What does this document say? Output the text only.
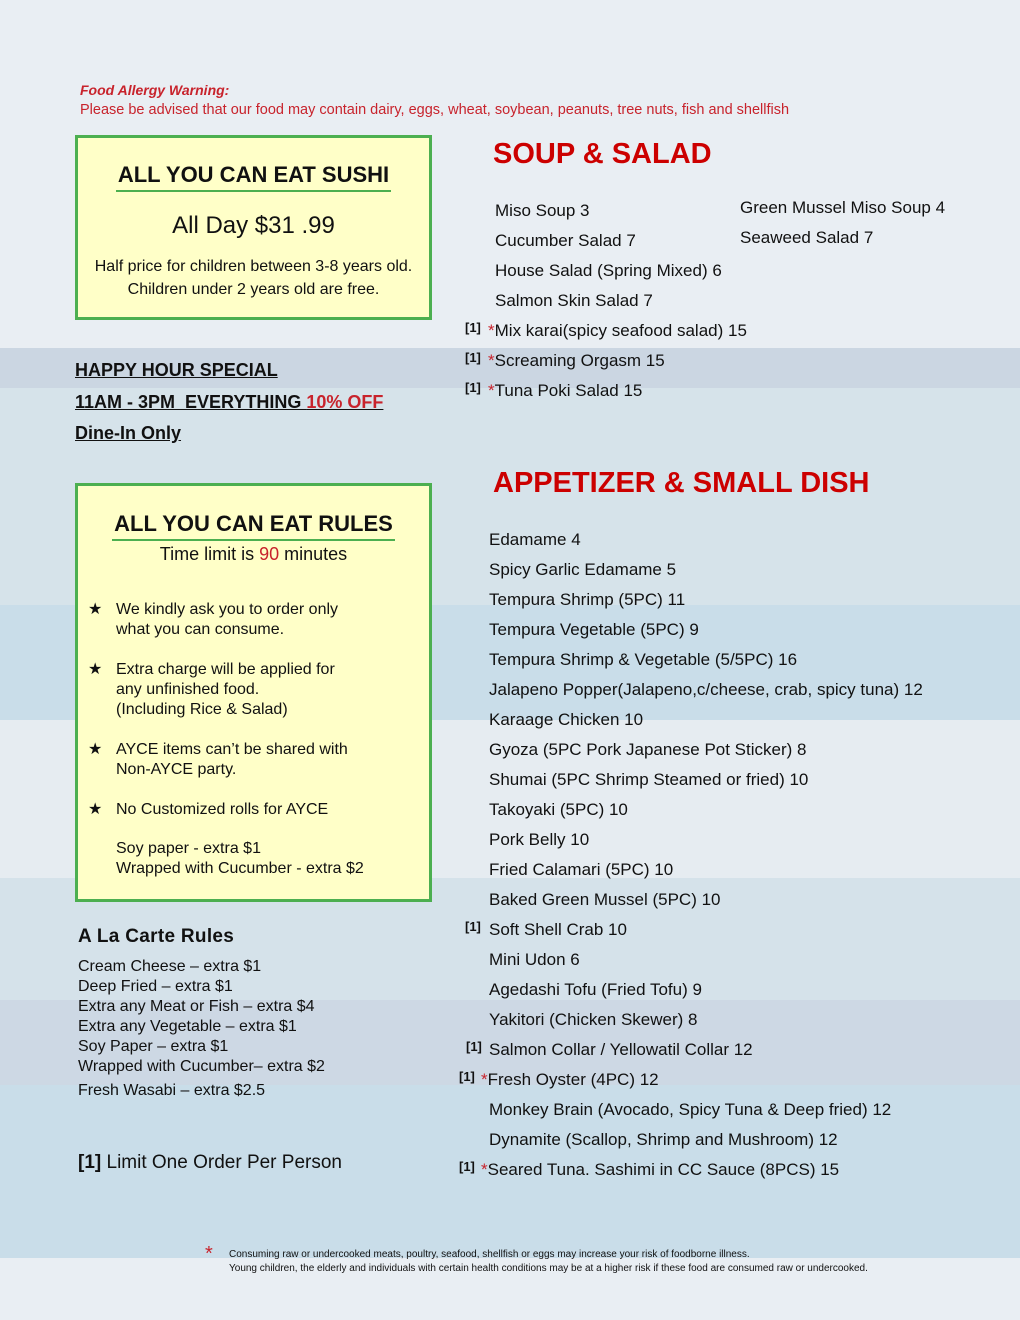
Food Allergy Warning:
Please be advised that our food may contain dairy, eggs, wheat, soybean, peanuts, tree nuts, fish and shellfish
ALL YOU CAN EAT SUSHI
All Day $31 .99
Half price for children between 3-8 years old.
Children under 2 years old are free.
HAPPY HOUR SPECIAL
11AM - 3PM  EVERYTHING 10% OFF
Dine-In Only
ALL YOU CAN EAT RULES
Time limit is 90 minutes
Soy paper - extra $1
Wrapped with Cucumber - extra $2
A La Carte Rules
[1] Limit One Order Per Person
SOUP & SALAD
APPETIZER & SMALL DISH
* Consuming raw or undercooked meats, poultry, seafood, shellfish or eggs may increase your risk of foodborne illness.
Young children, the elderly and individuals with certain health conditions may be at a higher risk if these food are consumed raw or undercooked.
★ We kindly ask you to order only
what you can consume.
★ Extra charge will be applied for
any unfinished food.
(Including Rice & Salad)
★ AYCE items can’t be shared with
Non-AYCE party.
★ No Customized rolls for AYCE
Cream Cheese – extra $1
Deep Fried – extra $1
Extra any Meat or Fish – extra $4
Extra any Vegetable – extra $1
Soy Paper – extra $1
Wrapped with Cucumber– extra $2
Fresh Wasabi – extra $2.5
Miso Soup 3
Cucumber Salad 7
House Salad (Spring Mixed) 6
Salmon Skin Salad 7
[1] *Mix karai(spicy seafood salad) 15
[1] *Screaming Orgasm 15
[1] *Tuna Poki Salad 15
Green Mussel Miso Soup 4
Seaweed Salad 7
Edamame 4
Spicy Garlic Edamame 5
Tempura Shrimp (5PC) 11
Tempura Vegetable (5PC) 9
Tempura Shrimp & Vegetable (5/5PC) 16
Jalapeno Popper(Jalapeno,c/cheese, crab, spicy tuna) 12
Karaage Chicken 10
Gyoza (5PC Pork Japanese Pot Sticker) 8
Shumai (5PC Shrimp Steamed or fried) 10
Takoyaki (5PC) 10
Pork Belly 10
Fried Calamari (5PC) 10
Baked Green Mussel (5PC) 10
[1] Soft Shell Crab 10
Mini Udon 6
Agedashi Tofu (Fried Tofu) 9
Yakitori (Chicken Skewer) 8
[1] Salmon Collar / Yellowatil Collar 12
[1] *Fresh Oyster (4PC) 12
Monkey Brain (Avocado, Spicy Tuna & Deep fried) 12
Dynamite (Scallop, Shrimp and Mushroom) 12
[1] *Seared Tuna. Sashimi in CC Sauce (8PCS) 15
